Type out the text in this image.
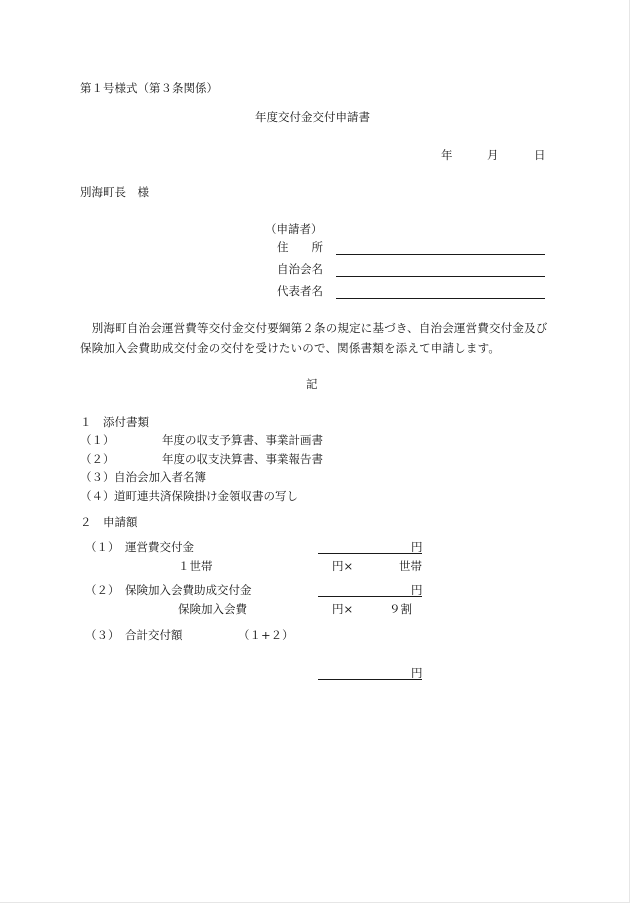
第１号様式（第３条関係）
年度交付金交付申請書
年	月	日
別海町長　様
（申請者）
住　　所
自治会名
代表者名
　別海町自治会運営費等交付金交付要綱第２条の規定に基づき、自治会運営費交付金及び
保険加入会費助成交付金の交付を受けたいので、関係書類を添えて申請します。
記
１　添付書類
（１）	年度の収支予算書、事業計画書
（２）	年度の収支決算書、事業報告書
（３） 自治会加入者名簿
（４） 道町連共済保険掛け金領収書の写し
２　申請額
（１） 運営費交付金	円
１世帯	円×	世帯
（２） 保険加入会費助成交付金	円
保険加入会費	円×	９割
（３） 合計交付額	（１+２）
円
